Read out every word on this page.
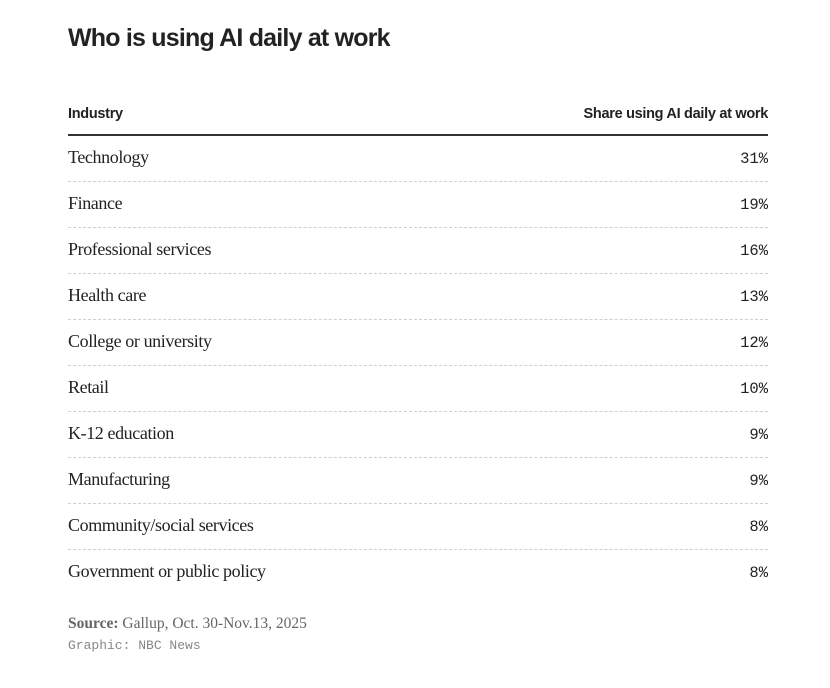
Who is using AI daily at work
Industry	Share using AI daily at work
Technology	31%
Finance	19%
Professional services	16%
Health care	13%
College or university	12%
Retail	10%
K-12 education	9%
Manufacturing	9%
Community/social services	8%
Government or public policy	8%
Source: Gallup, Oct. 30-Nov.13, 2025
Graphic: NBC News
